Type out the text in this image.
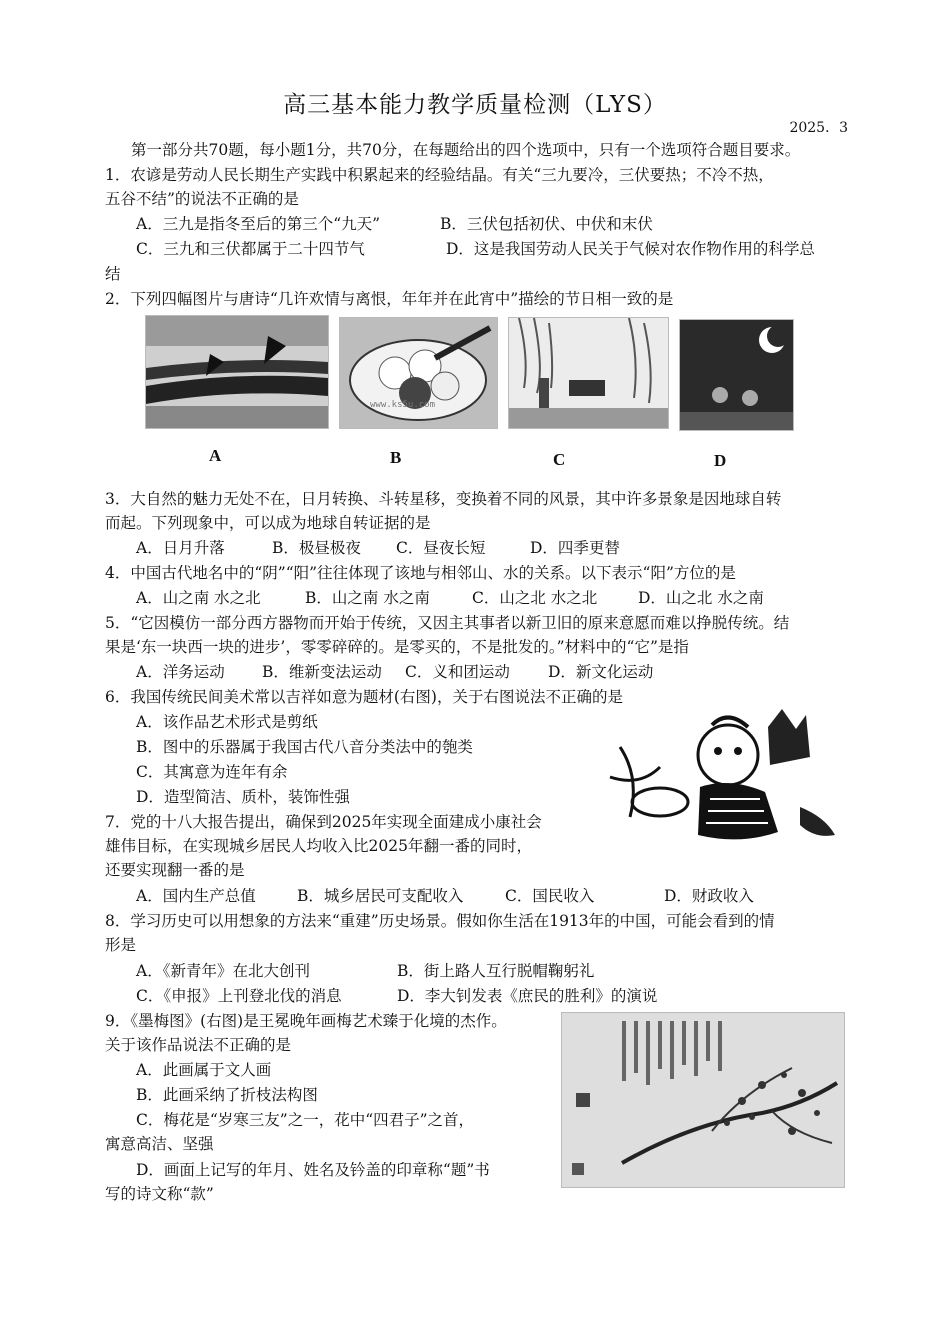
高三基本能力教学质量检测（LYS）
2025．3
第一部分共70题，每小题1分，共70分，在每题给出的四个选项中，只有一个选项符合题目要求。
1．农谚是劳动人民长期生产实践中积累起来的经验结晶。有关“三九要冷，三伏要热；不冷不热，
五谷不结”的说法不正确的是
A．三九是指冬至后的第三个“九天”	B．三伏包括初伏、中伏和末伏
C．三九和三伏都属于二十四节气	D．这是我国劳动人民关于气候对农作物作用的科学总
结
2．下列四幅图片与唐诗“几许欢情与离恨，年年并在此宵中”描绘的节日相一致的是
www.ks5u.com
A	B	C	D
3．大自然的魅力无处不在，日月转换、斗转星移，变换着不同的风景，其中许多景象是因地球自转
而起。下列现象中，可以成为地球自转证据的是
A．日月升落	B．极昼极夜 C．昼夜长短	D．四季更替
4．中国古代地名中的“阴”“阳”往往体现了该地与相邻山、水的关系。以下表示“阳”方位的是
A．山之南 水之北	B．山之南 水之南	C．山之北 水之北	D．山之北 水之南
5．“它因模仿一部分西方器物而开始于传统，又因主其事者以新卫旧的原来意愿而难以挣脱传统。结
果是‘东一块西一块的进步’，零零碎碎的。是零买的，不是批发的。”材料中的“它”是指
A．洋务运动 B．维新变法运动 C．义和团运动 D．新文化运动
6．我国传统民间美术常以吉祥如意为题材(右图)，关于右图说法不正确的是
A．该作品艺术形式是剪纸
B．图中的乐器属于我国古代八音分类法中的匏类
C．其寓意为连年有余
D．造型简洁、质朴，装饰性强
7．党的十八大报告提出，确保到2025年实现全面建成小康社会
雄伟目标，在实现城乡居民人均收入比2025年翻一番的同时，
还要实现翻一番的是
A．国内生产总值	B．城乡居民可支配收入	C．国民收入	D．财政收入
8．学习历史可以用想象的方法来“重建”历史场景。假如你生活在1913年的中国，可能会看到的情
形是
A．《新青年》在北大创刊	B．街上路人互行脱帽鞠躬礼
C．《申报》上刊登北伐的消息	D．李大钊发表《庶民的胜利》的演说
9．《墨梅图》(右图)是王冕晚年画梅艺术臻于化境的杰作。
关于该作品说法不正确的是
A．此画属于文人画
B．此画采纳了折枝法构图
C．梅花是“岁寒三友”之一，花中“四君子”之首，
寓意高洁、坚强
D．画面上记写的年月、姓名及钤盖的印章称“题”书
写的诗文称“款”
